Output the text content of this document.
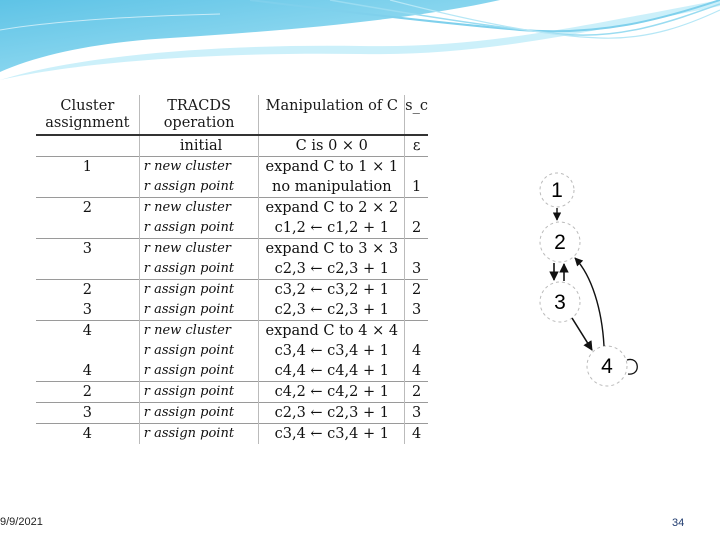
Cluster assignment	TRACDS operation	Manipulation of C	s_c
	initial	C is 0 × 0	ε
1	r new cluster	expand C to 1 × 1	
	r assign point	no manipulation	1
2	r new cluster	expand C to 2 × 2	
	r assign point	c1,2 ← c1,2 + 1	2
3	r new cluster	expand C to 3 × 3	
	r assign point	c2,3 ← c2,3 + 1	3
2	r assign point	c3,2 ← c3,2 + 1	2
3	r assign point	c2,3 ← c2,3 + 1	3
4	r new cluster	expand C to 4 × 4	
	r assign point	c3,4 ← c3,4 + 1	4
4	r assign point	c4,4 ← c4,4 + 1	4
2	r assign point	c4,2 ← c4,2 + 1	2
3	r assign point	c2,3 ← c2,3 + 1	3
4	r assign point	c3,4 ← c3,4 + 1	4
1
2
3
4
9/9/2021	34
